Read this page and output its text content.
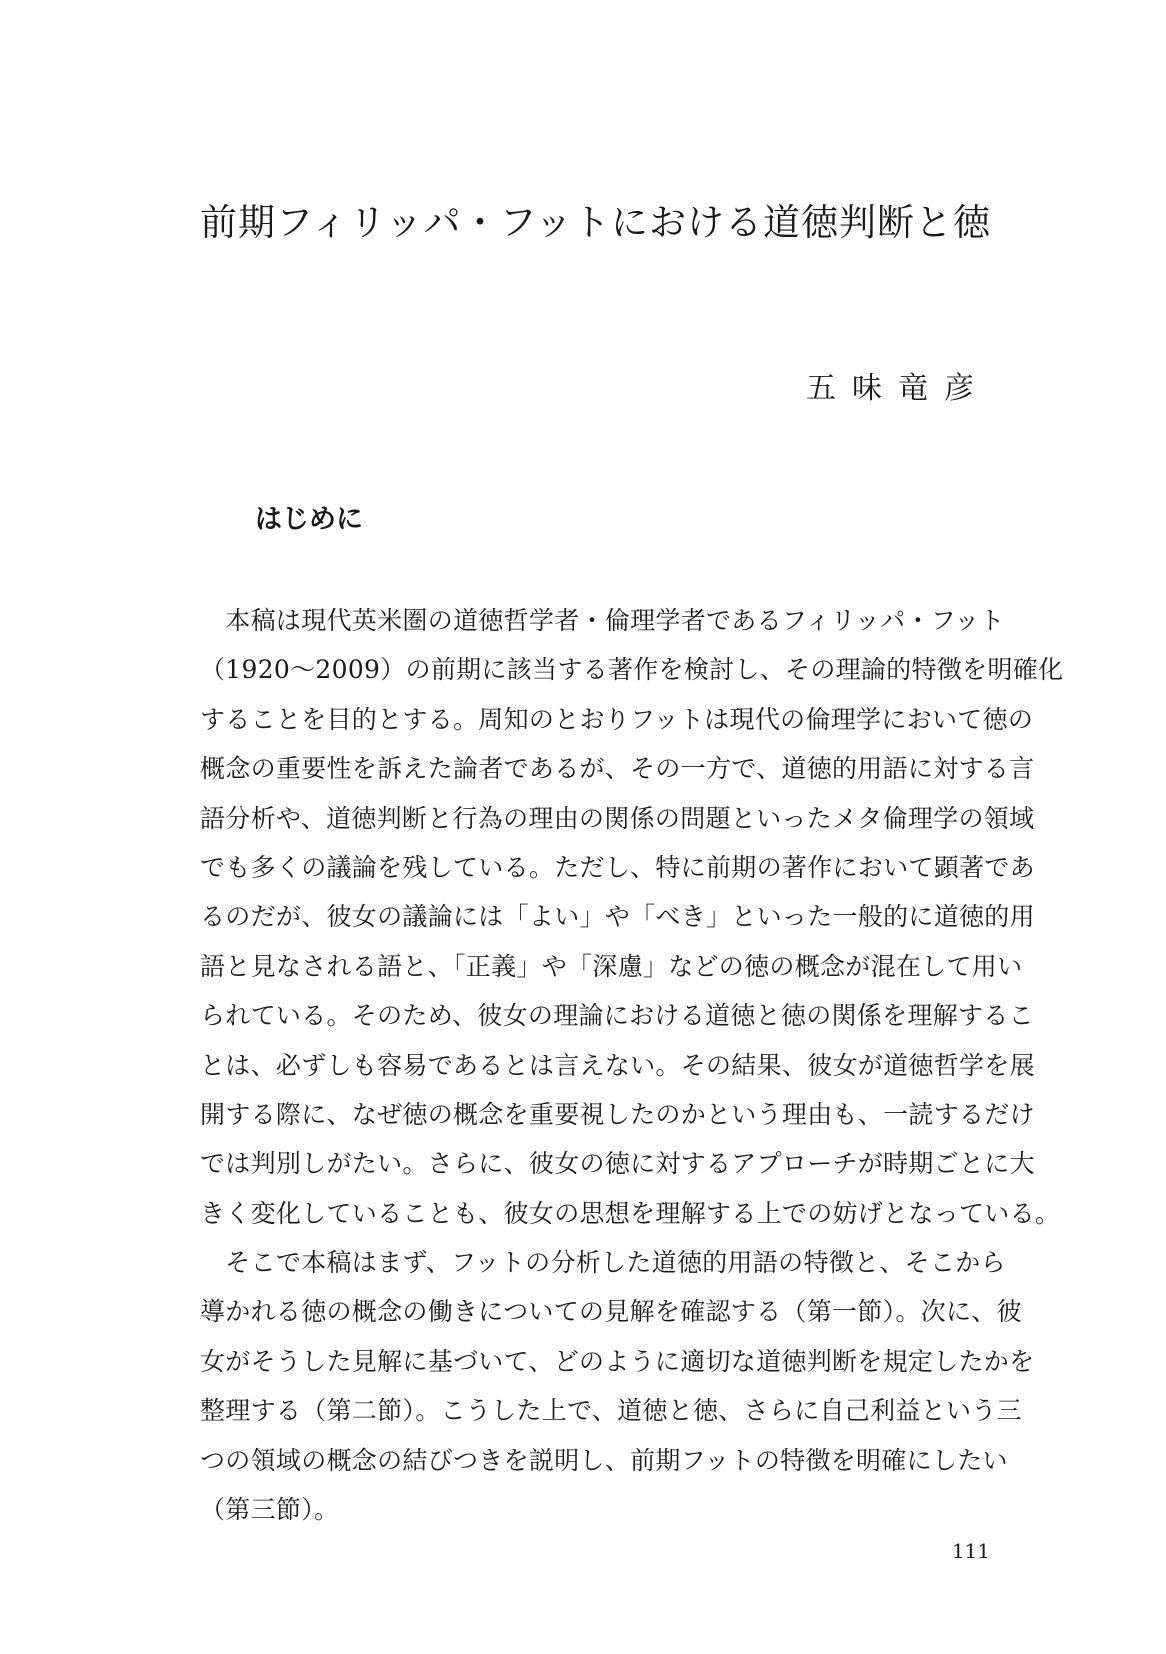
前期フィリッパ・フットにおける道徳判断と徳

五味竜彦

はじめに
　本稿は現代英米圏の道徳哲学者・倫理学者であるフィリッパ・フット
（1920～2009）の前期に該当する著作を検討し、その理論的特徴を明確化
することを目的とする。周知のとおりフットは現代の倫理学において徳の
概念の重要性を訴えた論者であるが、その一方で、道徳的用語に対する言
語分析や、道徳判断と行為の理由の関係の問題といったメタ倫理学の領域
でも多くの議論を残している。ただし、特に前期の著作において顕著であ
るのだが、彼女の議論には「よい」や「べき」といった一般的に道徳的用
語と見なされる語と、「正義」や「深慮」などの徳の概念が混在して用い
られている。そのため、彼女の理論における道徳と徳の関係を理解するこ
とは、必ずしも容易であるとは言えない。その結果、彼女が道徳哲学を展
開する際に、なぜ徳の概念を重要視したのかという理由も、一読するだけ
では判別しがたい。さらに、彼女の徳に対するアプローチが時期ごとに大
きく変化していることも、彼女の思想を理解する上での妨げとなっている。
　そこで本稿はまず、フットの分析した道徳的用語の特徴と、そこから
導かれる徳の概念の働きについての見解を確認する（第一節）。次に、彼
女がそうした見解に基づいて、どのように適切な道徳判断を規定したかを
整理する（第二節）。こうした上で、道徳と徳、さらに自己利益という三
つの領域の概念の結びつきを説明し、前期フットの特徴を明確にしたい
（第三節）。

111
